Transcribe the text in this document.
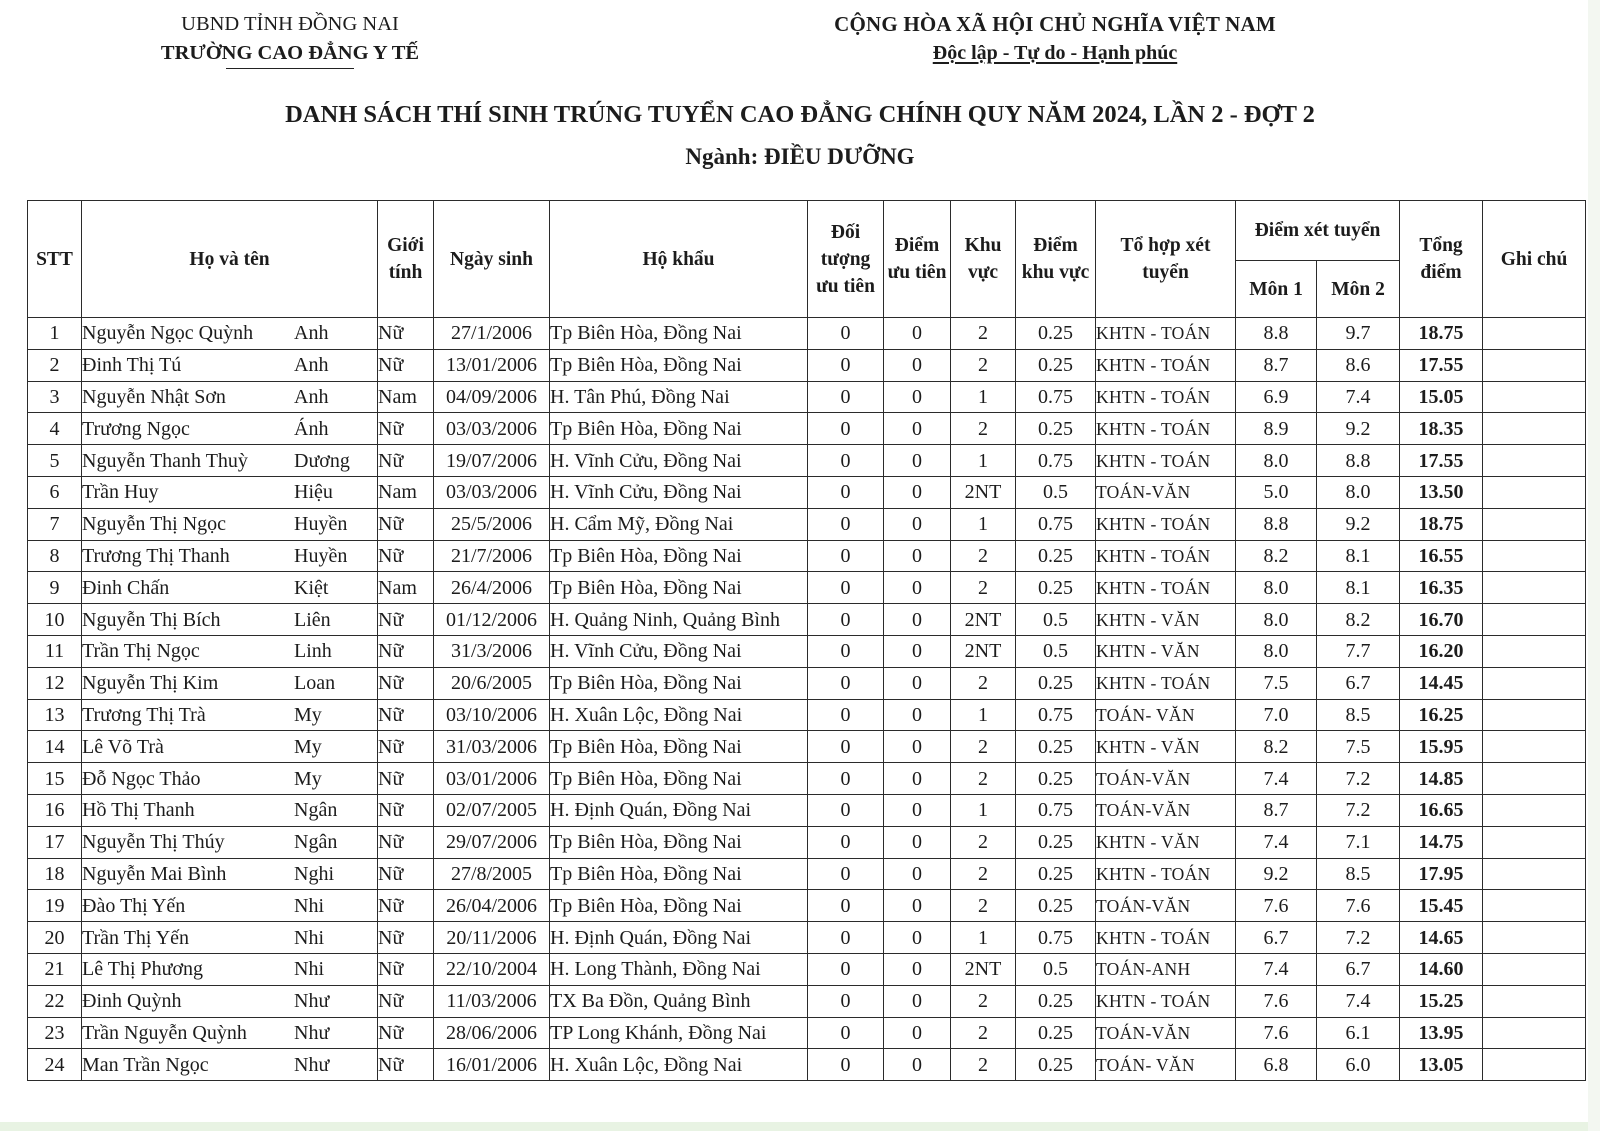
UBND TỈNH ĐỒNG NAI
TRƯỜNG CAO ĐẲNG Y TẾ
CỘNG HÒA XÃ HỘI CHỦ NGHĨA VIỆT NAM
Độc lập - Tự do - Hạnh phúc
DANH SÁCH THÍ SINH TRÚNG TUYỂN CAO ĐẲNG CHÍNH QUY NĂM 2024, LẦN 2 - ĐỢT 2
Ngành: ĐIỀU DƯỠNG
STT	Họ và tên	Giới tính	Ngày sinh	Hộ khẩu	Đối tượng ưu tiên	Điểm ưu tiên	Khu vực	Điểm khu vực	Tổ hợp xét tuyển	Điểm xét tuyển		Tổng điểm	Ghi chú
										Môn 1	Môn 2		
1	Nguyễn Ngọc Quỳnh Anh	Nữ	27/1/2006	Tp Biên Hòa, Đồng Nai	0	0	2	0.25	KHTN - TOÁN	8.8	9.7	18.75	
2	Đinh Thị Tú Anh	Nữ	13/01/2006	Tp Biên Hòa, Đồng Nai	0	0	2	0.25	KHTN - TOÁN	8.7	8.6	17.55	
3	Nguyễn Nhật Sơn Anh	Nam	04/09/2006	H. Tân Phú, Đồng Nai	0	0	1	0.75	KHTN - TOÁN	6.9	7.4	15.05	
4	Trương Ngọc Ánh	Nữ	03/03/2006	Tp Biên Hòa, Đồng Nai	0	0	2	0.25	KHTN - TOÁN	8.9	9.2	18.35	
5	Nguyễn Thanh Thuỳ Dương	Nữ	19/07/2006	H. Vĩnh Cửu, Đồng Nai	0	0	1	0.75	KHTN - TOÁN	8.0	8.8	17.55	
6	Trần Huy Hiệu	Nam	03/03/2006	H. Vĩnh Cửu, Đồng Nai	0	0	2NT	0.5	TOÁN-VĂN	5.0	8.0	13.50	
7	Nguyễn Thị Ngọc Huyền	Nữ	25/5/2006	H. Cẩm Mỹ, Đồng Nai	0	0	1	0.75	KHTN - TOÁN	8.8	9.2	18.75	
8	Trương Thị Thanh Huyền	Nữ	21/7/2006	Tp Biên Hòa, Đồng Nai	0	0	2	0.25	KHTN - TOÁN	8.2	8.1	16.55	
9	Đinh Chấn Kiệt	Nam	26/4/2006	Tp Biên Hòa, Đồng Nai	0	0	2	0.25	KHTN - TOÁN	8.0	8.1	16.35	
10	Nguyễn Thị Bích Liên	Nữ	01/12/2006	H. Quảng Ninh, Quảng Bình	0	0	2NT	0.5	KHTN - VĂN	8.0	8.2	16.70	
11	Trần Thị Ngọc Linh	Nữ	31/3/2006	H. Vĩnh Cửu, Đồng Nai	0	0	2NT	0.5	KHTN - VĂN	8.0	7.7	16.20	
12	Nguyễn Thị Kim Loan	Nữ	20/6/2005	Tp Biên Hòa, Đồng Nai	0	0	2	0.25	KHTN - TOÁN	7.5	6.7	14.45	
13	Trương Thị Trà My	Nữ	03/10/2006	H. Xuân Lộc, Đồng Nai	0	0	1	0.75	TOÁN- VĂN	7.0	8.5	16.25	
14	Lê Võ Trà My	Nữ	31/03/2006	Tp Biên Hòa, Đồng Nai	0	0	2	0.25	KHTN - VĂN	8.2	7.5	15.95	
15	Đỗ Ngọc Thảo My	Nữ	03/01/2006	Tp Biên Hòa, Đồng Nai	0	0	2	0.25	TOÁN-VĂN	7.4	7.2	14.85	
16	Hồ Thị Thanh Ngân	Nữ	02/07/2005	H. Định Quán, Đồng Nai	0	0	1	0.75	TOÁN-VĂN	8.7	7.2	16.65	
17	Nguyễn Thị Thúy Ngân	Nữ	29/07/2006	Tp Biên Hòa, Đồng Nai	0	0	2	0.25	KHTN - VĂN	7.4	7.1	14.75	
18	Nguyễn Mai Bình Nghi	Nữ	27/8/2005	Tp Biên Hòa, Đồng Nai	0	0	2	0.25	KHTN - TOÁN	9.2	8.5	17.95	
19	Đào Thị Yến Nhi	Nữ	26/04/2006	Tp Biên Hòa, Đồng Nai	0	0	2	0.25	TOÁN-VĂN	7.6	7.6	15.45	
20	Trần Thị Yến Nhi	Nữ	20/11/2006	H. Định Quán, Đồng Nai	0	0	1	0.75	KHTN - TOÁN	6.7	7.2	14.65	
21	Lê Thị Phương Nhi	Nữ	22/10/2004	H. Long Thành, Đồng Nai	0	0	2NT	0.5	TOÁN-ANH	7.4	6.7	14.60	
22	Đinh Quỳnh Như	Nữ	11/03/2006	TX Ba Đồn, Quảng Bình	0	0	2	0.25	KHTN - TOÁN	7.6	7.4	15.25	
23	Trần Nguyễn Quỳnh Như	Nữ	28/06/2006	TP Long Khánh, Đồng Nai	0	0	2	0.25	TOÁN-VĂN	7.6	6.1	13.95	
24	Man Trần Ngọc Như	Nữ	16/01/2006	H. Xuân Lộc, Đồng Nai	0	0	2	0.25	TOÁN- VĂN	6.8	6.0	13.05	
